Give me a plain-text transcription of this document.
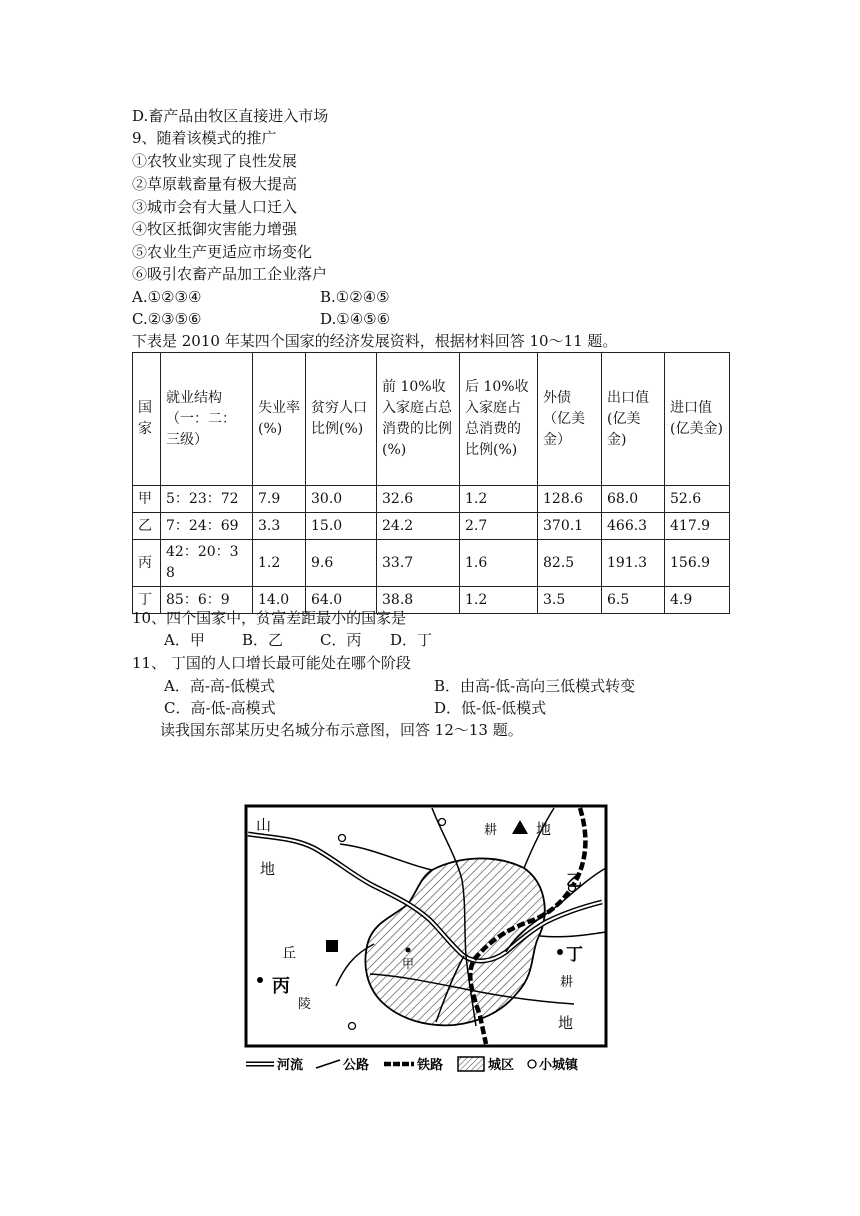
D.畜产品由牧区直接进入市场
9、随着该模式的推广
①农牧业实现了良性发展
②草原载畜量有极大提高
③城市会有大量人口迁入
④牧区抵御灾害能力增强
⑤农业生产更适应市场变化
⑥吸引农畜产品加工企业落户
A.①②③④	B.①②④⑤
C.②③⑤⑥	D.①④⑤⑥
下表是 2010 年某四个国家的经济发展资料，根据材料回答 10～11 题。
国家	就业结构（一：二：三级）	失业率(%)	贫穷人口比例(%)	前 10%收入家庭占总消费的比例(%)	后 10%收入家庭占总消费的比例(%)	外债（亿美金）	出口值(亿美金)	进口值(亿美金)
甲	5：23：72	7.9	30.0	32.6	1.2	128.6	68.0	52.6
乙	7：24：69	3.3	15.0	24.2	2.7	370.1	466.3	417.9
丙	42：20：38	1.2	9.6	33.7	1.6	82.5	191.3	156.9
丁	85：6：9	14.0	64.0	38.8	1.2	3.5	6.5	4.9
10、四个国家中，贫富差距最小的国家是
A．甲 B．乙 C．丙 D．丁
11、 丁国的人口增长最可能处在哪个阶段
A．高-高-低模式	B．由高-低-高向三低模式转变
C．高-低-高模式	D．低-低-低模式
读我国东部某历史名城分布示意图，回答 12～13 题。
山
地
耕	地
乙
丘
甲	丁
耕
地
丙
陵
河流	公路	铁路	城区 小城镇
